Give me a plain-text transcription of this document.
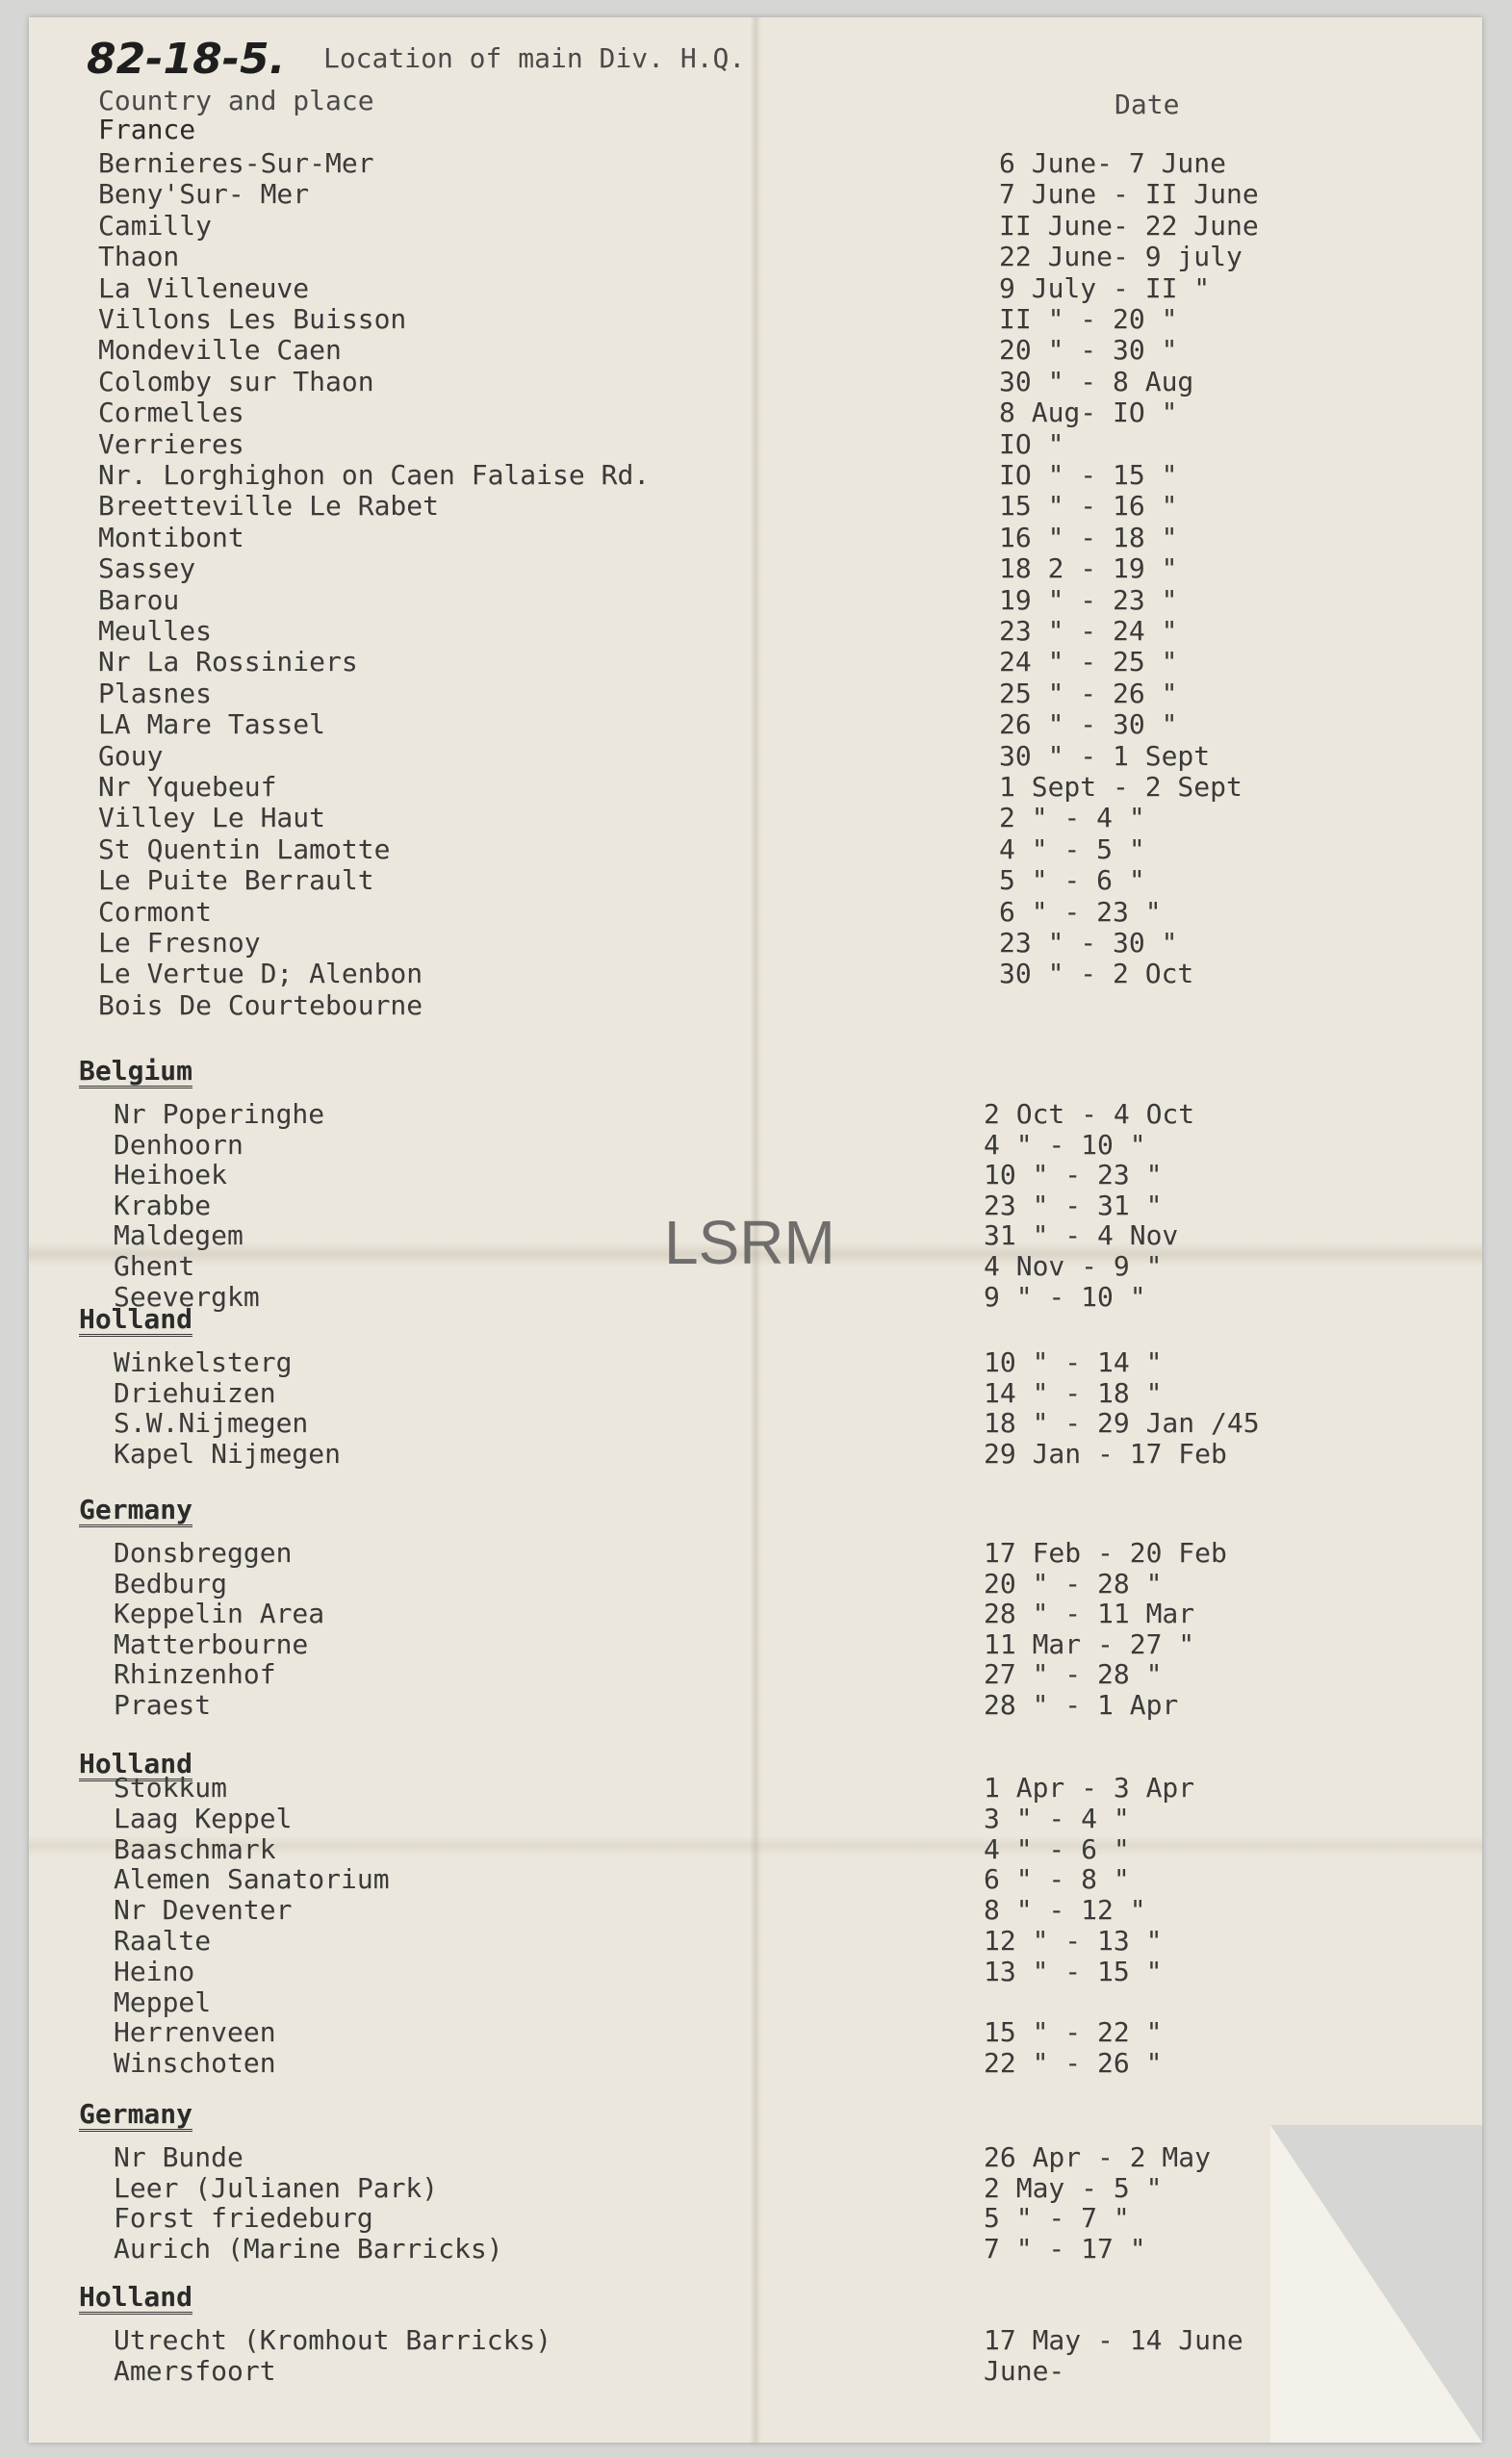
82-18-5. Location of main Div. H.Q.
Country and place	Date
France
Bernieres-Sur-Mer	6 June- 7 June
Beny'Sur- Mer	7 June - II June
Camilly	II June- 22 June
Thaon	22 June- 9 july
La Villeneuve	9 July - II "
Villons Les Buisson	II " - 20 "
Mondeville Caen	20 " - 30 "
Colomby sur Thaon	30 " - 8 Aug
Cormelles	8 Aug- IO "
Verrieres	IO "
Nr. Lorghighon on Caen Falaise Rd.	IO " - 15 "
Breetteville Le Rabet	15 " - 16 "
Montibont	16 " - 18 "
Sassey	18 2 - 19 "
Barou	19 " - 23 "
Meulles	23 " - 24 "
Nr La Rossiniers	24 " - 25 "
Plasnes	25 " - 26 "
LA Mare Tassel	26 " - 30 "
Gouy	30 " - 1 Sept
Nr Yquebeuf	1 Sept - 2 Sept
Villey Le Haut	2 " - 4 "
St Quentin Lamotte	4 " - 5 "
Le Puite Berrault	5 " - 6 "
Cormont	6 " - 23 "
Le Fresnoy	23 " - 30 "
Le Vertue D; Alenbon	30 " - 2 Oct
Bois De Courtebourne
Belgium
Nr Poperinghe	2 Oct - 4 Oct
Denhoorn	4 " - 10 "
Heihoek	10 " - 23 "
Krabbe	23 " - 31 "
Maldegem	31 " - 4 Nov
Ghent	4 Nov - 9 "
Seevergkm	9 " - 10 "
Holland
Winkelsterg	10 " - 14 "
Driehuizen	14 " - 18 "
S.W.Nijmegen	18 " - 29 Jan /45
Kapel Nijmegen	29 Jan - 17 Feb
Germany
Donsbreggen	17 Feb - 20 Feb
Bedburg	20 " - 28 "
Keppelin Area	28 " - 11 Mar
Matterbourne	11 Mar - 27 "
Rhinzenhof	27 " - 28 "
Praest	28 " - 1 Apr
Holland
Stokkum	1 Apr - 3 Apr
Laag Keppel	3 " - 4 "
Baaschmark	4 " - 6 "
Alemen Sanatorium	6 " - 8 "
Nr Deventer	8 " - 12 "
Raalte	12 " - 13 "
Heino	13 " - 15 "
Meppel
Herrenveen	15 " - 22 "
Winschoten	22 " - 26 "
Germany
Nr Bunde	26 Apr - 2 May
Leer (Julianen Park)	2 May - 5 "
Forst friedeburg	5 " - 7 "
Aurich (Marine Barricks)	7 " - 17 "
Holland
Utrecht (Kromhout Barricks)	17 May - 14 June
Amersfoort	June-
LSRM
